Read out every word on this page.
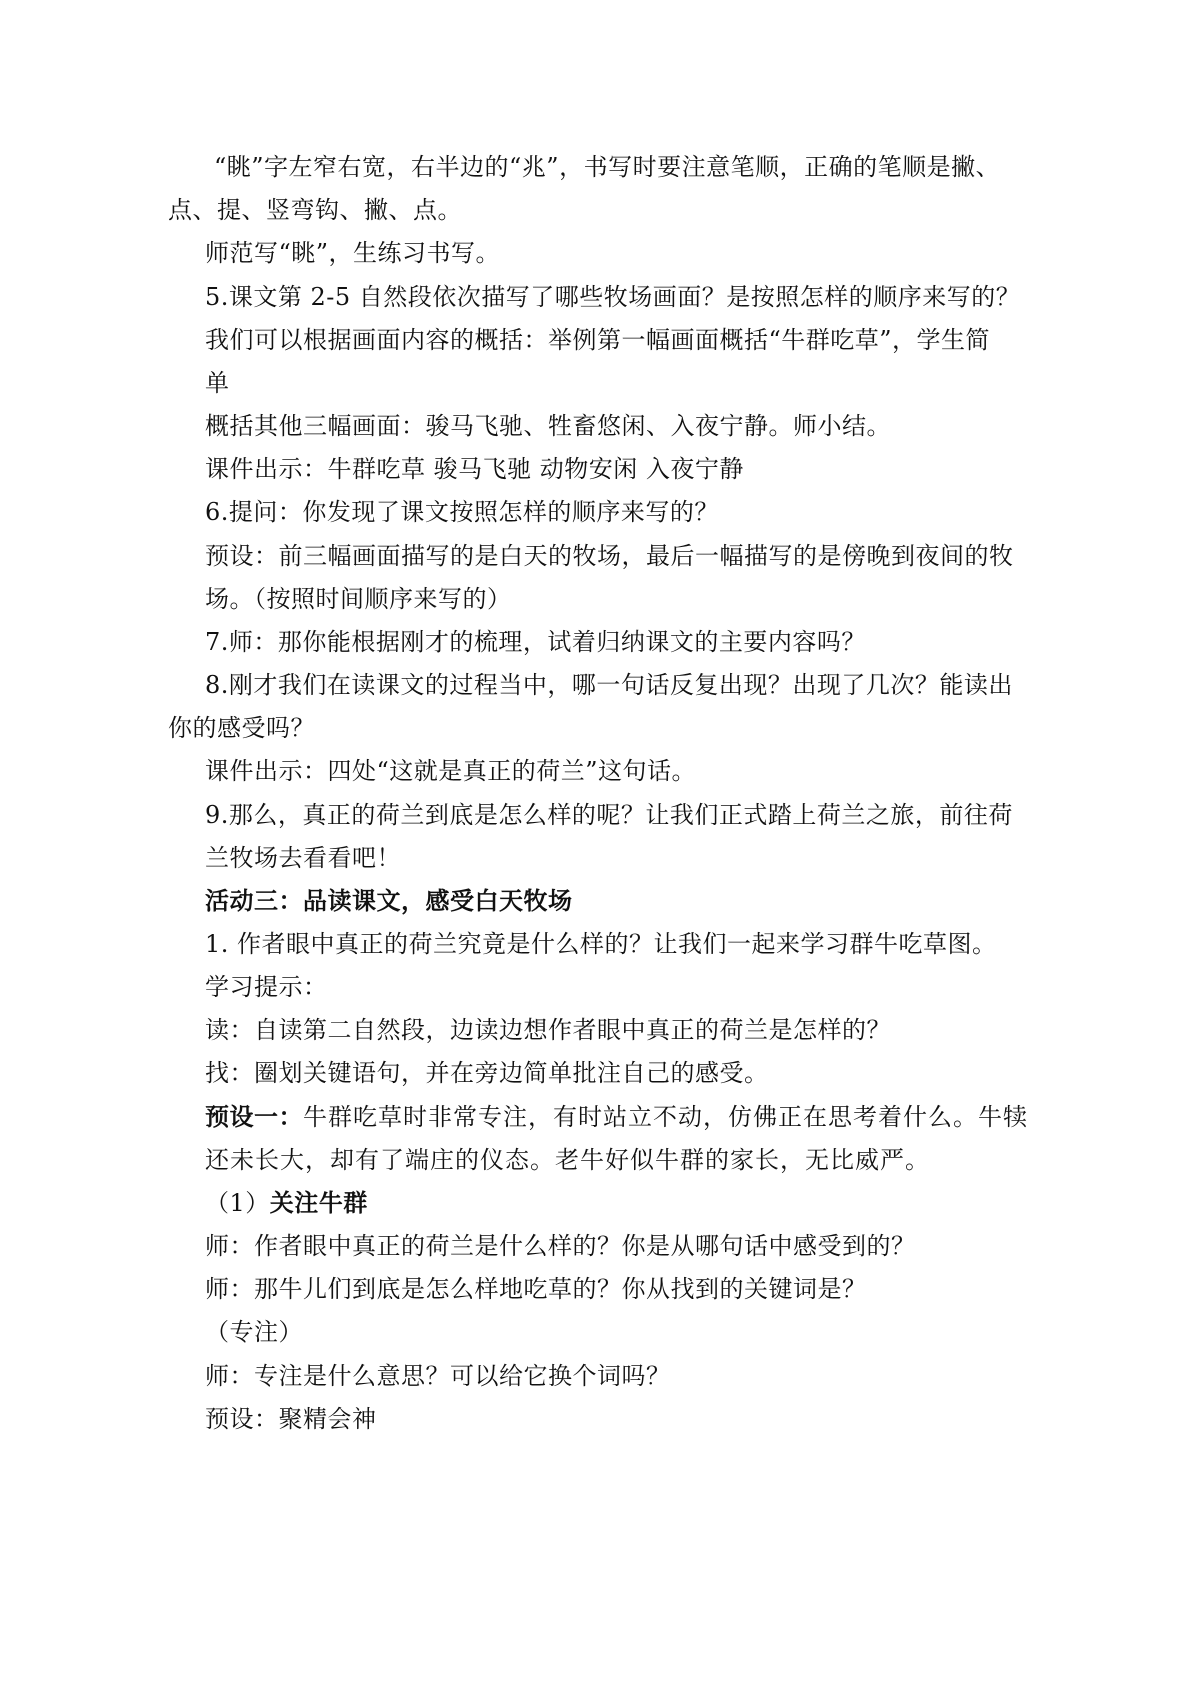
“眺”字左窄右宽，右半边的“兆”，书写时要注意笔顺，正确的笔顺是撇、
点、提、竖弯钩、撇、点。
师范写“眺”，生练习书写。
5.课文第 2-5 自然段依次描写了哪些牧场画面？是按照怎样的顺序来写的？
我们可以根据画面内容的概括：举例第一幅画面概括“牛群吃草”，学生简
单
概括其他三幅画面：骏马飞驰、牲畜悠闲、入夜宁静。师小结。
课件出示：牛群吃草 骏马飞驰 动物安闲 入夜宁静
6.提问：你发现了课文按照怎样的顺序来写的？
预设：前三幅画面描写的是白天的牧场，最后一幅描写的是傍晚到夜间的牧
场。（按照时间顺序来写的）
7.师：那你能根据刚才的梳理，试着归纳课文的主要内容吗？
8.刚才我们在读课文的过程当中，哪一句话反复出现？出现了几次？能读出
你的感受吗？
课件出示：四处“这就是真正的荷兰”这句话。
9.那么，真正的荷兰到底是怎么样的呢？让我们正式踏上荷兰之旅，前往荷
兰牧场去看看吧！
活动三：品读课文，感受白天牧场
1. 作者眼中真正的荷兰究竟是什么样的？让我们一起来学习群牛吃草图。
学习提示：
读：自读第二自然段，边读边想作者眼中真正的荷兰是怎样的？
找：圈划关键语句，并在旁边简单批注自己的感受。
预设一：牛群吃草时非常专注，有时站立不动，仿佛正在思考着什么。牛犊
还未长大，却有了端庄的仪态。老牛好似牛群的家长，无比威严。
（1）关注牛群
师：作者眼中真正的荷兰是什么样的？你是从哪句话中感受到的？
师：那牛儿们到底是怎么样地吃草的？你从找到的关键词是？
（专注）
师：专注是什么意思？可以给它换个词吗？
预设：聚精会神
